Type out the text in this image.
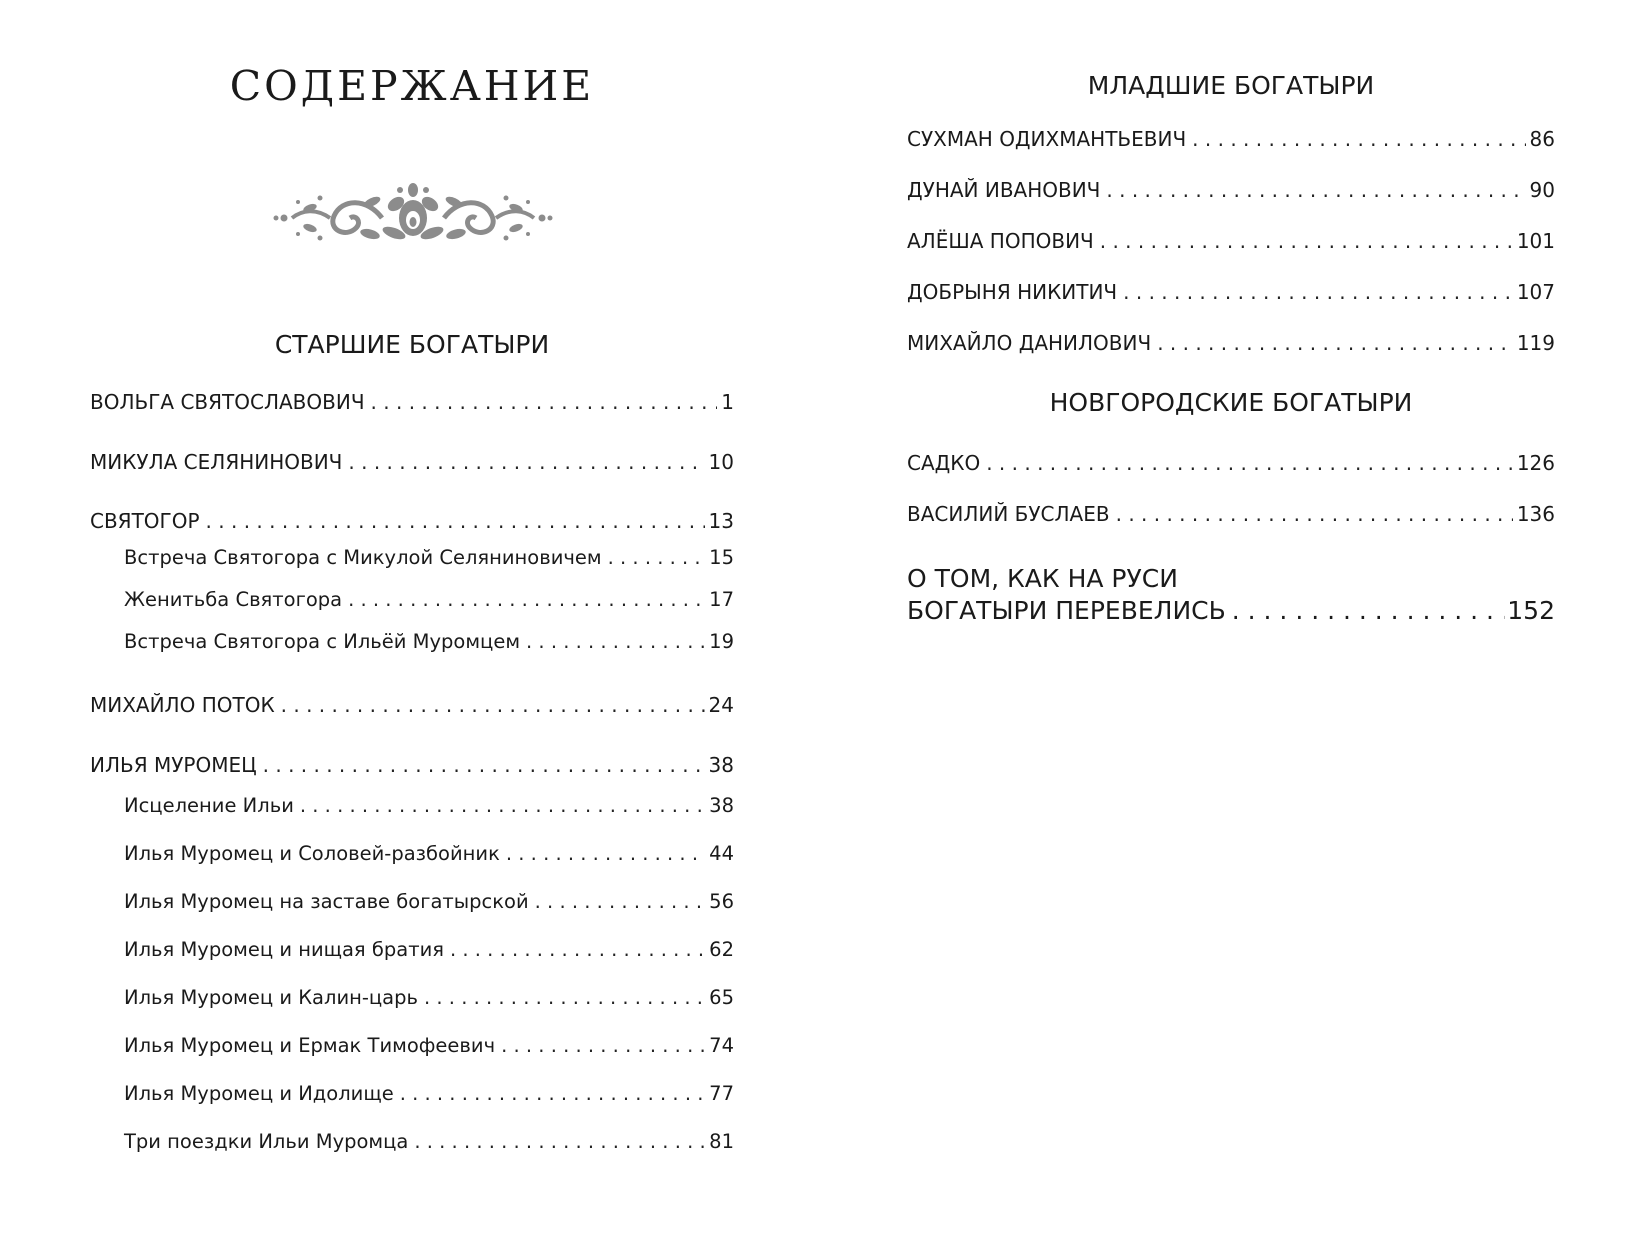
СОДЕРЖАНИЕ
СТАРШИЕ БОГАТЫРИ
ВОЛЬГА СВЯТОСЛАВОВИЧ . . .	1
МИКУЛА СЕЛЯНИНОВИЧ . . .	10
СВЯТОГОР . . .	13
Встреча Святогора с Микулой Селяниновичем . . .	15
Женитьба Святогора . . .	17
Встреча Святогора с Ильёй Муромцем . . .	19
МИХАЙЛО ПОТОК . . .	24
ИЛЬЯ МУРОМЕЦ . . .	38
Исцеление Ильи . . .	38
Илья Муромец и Соловей-разбойник . . .	44
Илья Муромец на заставе богатырской . . .	56
Илья Муромец и нищая братия . . .	62
Илья Муромец и Калин-царь . . .	65
Илья Муромец и Ермак Тимофеевич . . .	74
Илья Муромец и Идолище . . .	77
Три поездки Ильи Муромца . . .	81
МЛАДШИЕ БОГАТЫРИ
СУХМАН ОДИХМАНТЬЕВИЧ . . .	86
ДУНАЙ ИВАНОВИЧ . . .	90
АЛЁША ПОПОВИЧ . . .	101
ДОБРЫНЯ НИКИТИЧ . . .	107
МИХАЙЛО ДАНИЛОВИЧ . . .	119
НОВГОРОДСКИЕ БОГАТЫРИ
САДКО . . .	126
ВАСИЛИЙ БУСЛАЕВ . . .	136
О ТОМ, КАК НА РУСИ
БОГАТЫРИ ПЕРЕВЕЛИСЬ . . .	152
